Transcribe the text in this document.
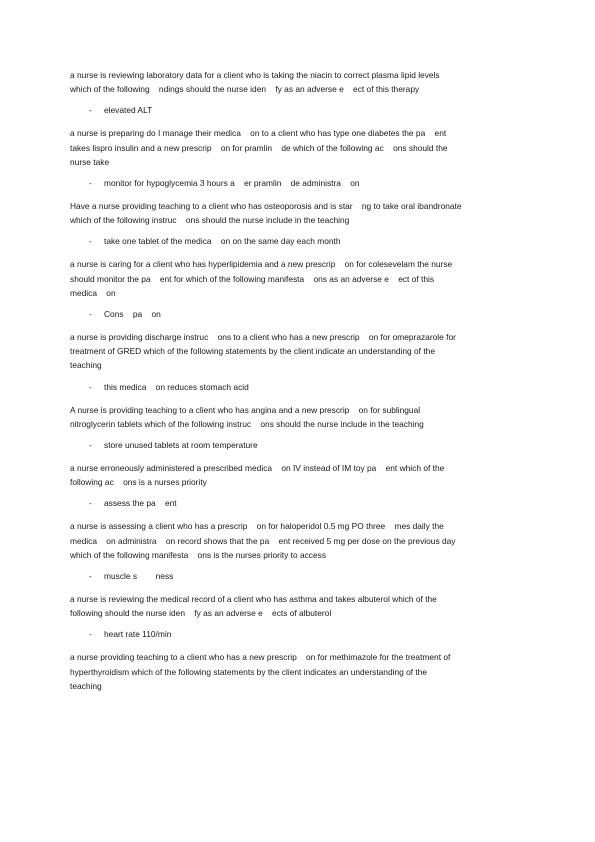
a nurse is reviewing laboratory data for a client who is taking the niacin to correct plasma lipid levels
which of the following    ndings should the nurse iden    fy as an adverse e    ect of this therapy

-	elevated ALT

a nurse is preparing do I manage their medica    on to a client who has type one diabetes the pa    ent
takes lispro insulin and a new prescrip    on for pramlin    de which of the following ac    ons should the
nurse take

-	monitor for hypoglycemia 3 hours a    er pramlin    de administra    on

Have a nurse providing teaching to a client who has osteoporosis and is star    ng to take oral ibandronate
which of the following instruc    ons should the nurse include in the teaching

-	take one tablet of the medica    on on the same day each month

a nurse is caring for a client who has hyperlipidemia and a new prescrip    on for colesevelam the nurse
should monitor the pa    ent for which of the following manifesta    ons as an adverse e    ect of this
medica    on

-	Cons    pa    on

a nurse is providing discharge instruc    ons to a client who has a new prescrip    on for omeprazarole for
treatment of GRED which of the following statements by the client indicate an understanding of the
teaching

-	this medica    on reduces stomach acid

A nurse is providing teaching to a client who has angina and a new prescrip    on for sublingual
nitroglycerin tablets which of the following instruc    ons should the nurse include in the teaching

-	store unused tablets at room temperature

a nurse erroneously administered a prescribed medica    on IV instead of IM toy pa    ent which of the
following ac    ons is a nurses priority

-	assess the pa    ent

a nurse is assessing a client who has a prescrip    on for haloperidol 0.5 mg PO three    mes daily the
medica    on administra    on record shows that the pa    ent received 5 mg per dose on the previous day
which of the following manifesta    ons is the nurses priority to access

-	muscle s        ness

a nurse is reviewing the medical record of a client who has asthma and takes albuterol which of the
following should the nurse iden    fy as an adverse e    ects of albuterol

-	heart rate 110/min

a nurse providing teaching to a client who has a new prescrip    on for methimazole for the treatment of
hyperthyroidism which of the following statements by the client indicates an understanding of the
teaching
